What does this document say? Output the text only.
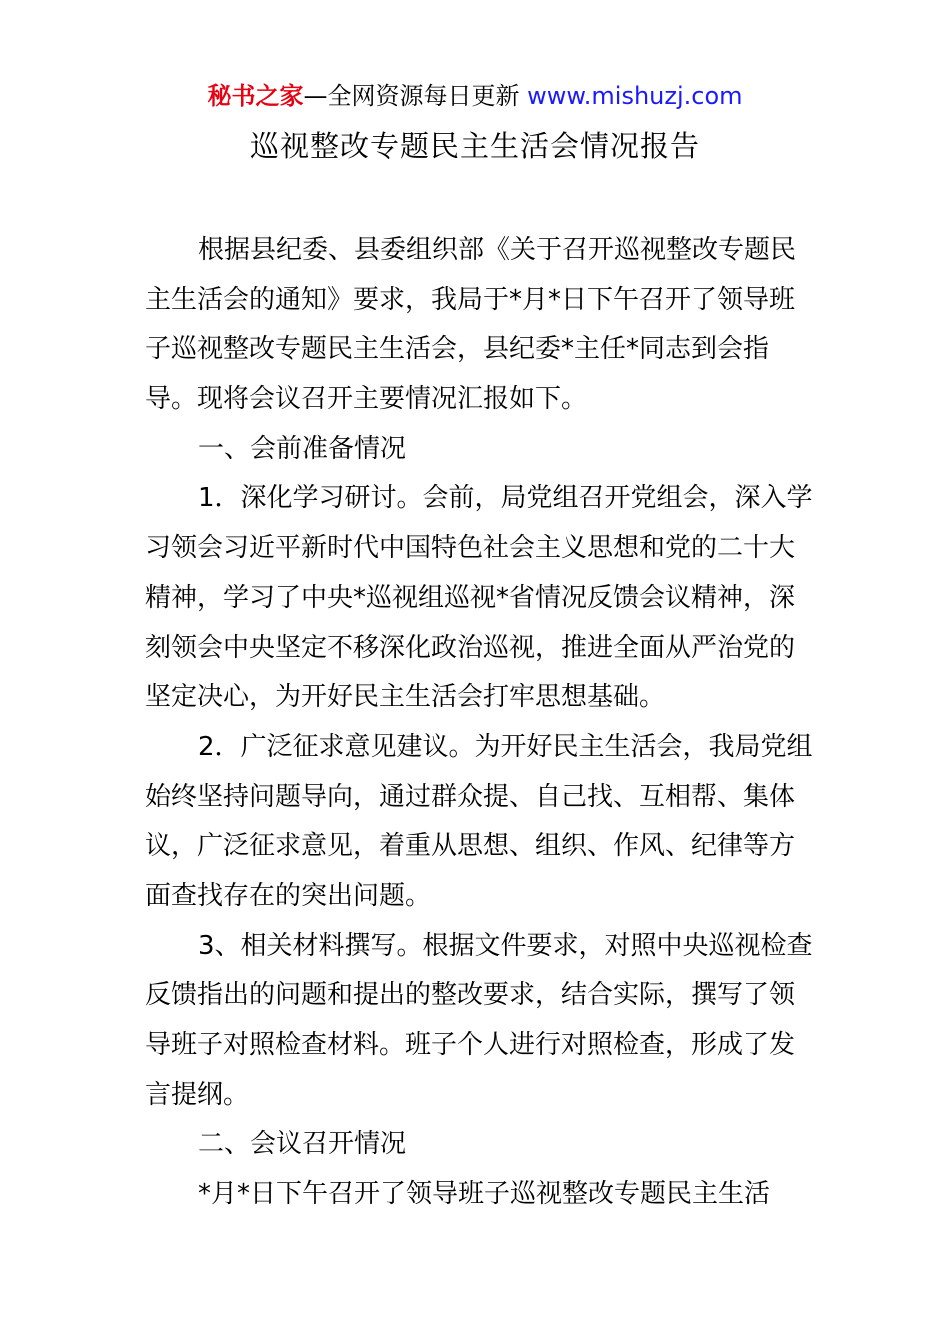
秘书之家—全网资源每日更新 www.mishuzj.com
巡视整改专题民主生活会情况报告
根据县纪委、县委组织部《关于召开巡视整改专题民
主生活会的通知》要求，我局于*月*日下午召开了领导班
子巡视整改专题民主生活会，县纪委*主任*同志到会指
导。现将会议召开主要情况汇报如下。
一、会前准备情况
1．深化学习研讨。会前，局党组召开党组会，深入学
习领会习近平新时代中国特色社会主义思想和党的二十大
精神，学习了中央*巡视组巡视*省情况反馈会议精神，深
刻领会中央坚定不移深化政治巡视，推进全面从严治党的
坚定决心，为开好民主生活会打牢思想基础。
2．广泛征求意见建议。为开好民主生活会，我局党组
始终坚持问题导向，通过群众提、自己找、互相帮、集体
议，广泛征求意见，着重从思想、组织、作风、纪律等方
面查找存在的突出问题。
3、相关材料撰写。根据文件要求，对照中央巡视检查
反馈指出的问题和提出的整改要求，结合实际，撰写了领
导班子对照检查材料。班子个人进行对照检查，形成了发
言提纲。
二、会议召开情况
*月*日下午召开了领导班子巡视整改专题民主生活
